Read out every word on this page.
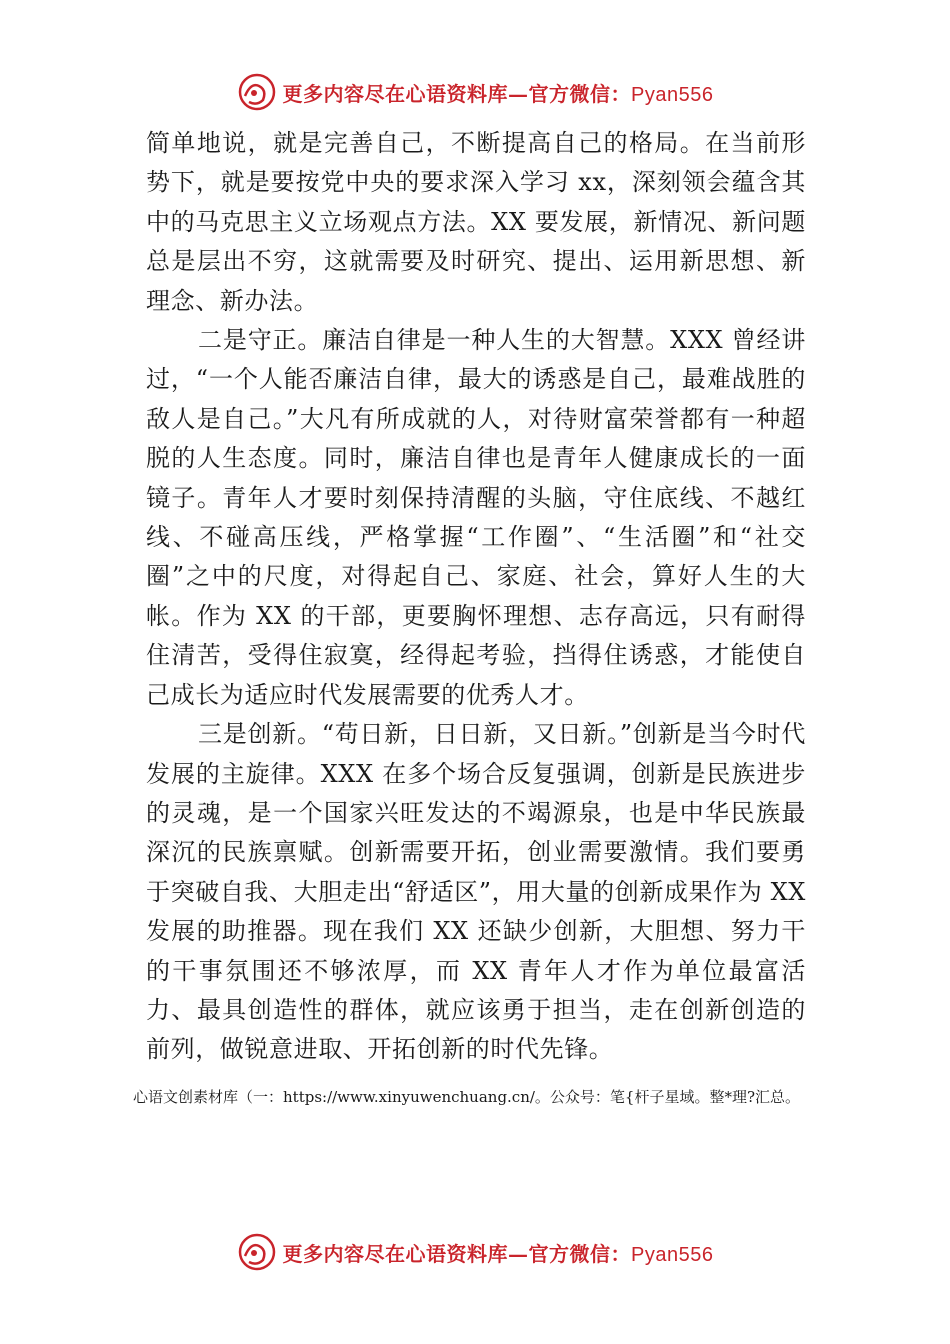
更多内容尽在心语资料库—官方微信：Pyan556

简单地说，就是完善自己，不断提高自己的格局。在当前形势下，就是要按党中央的要求深入学习 xx，深刻领会蕴含其中的马克思主义立场观点方法。XX 要发展，新情况、新问题总是层出不穷，这就需要及时研究、提出、运用新思想、新理念、新办法。

二是守正。廉洁自律是一种人生的大智慧。XXX 曾经讲过，“一个人能否廉洁自律，最大的诱惑是自己，最难战胜的敌人是自己。”大凡有所成就的人，对待财富荣誉都有一种超脱的人生态度。同时，廉洁自律也是青年人健康成长的一面镜子。青年人才要时刻保持清醒的头脑，守住底线、不越红线、不碰高压线，严格掌握“工作圈”、“生活圈”和“社交圈”之中的尺度，对得起自己、家庭、社会，算好人生的大帐。作为 XX 的干部，更要胸怀理想、志存高远，只有耐得住清苦，受得住寂寞，经得起考验，挡得住诱惑，才能使自己成长为适应时代发展需要的优秀人才。

三是创新。“苟日新，日日新，又日新。”创新是当今时代发展的主旋律。XXX 在多个场合反复强调，创新是民族进步的灵魂，是一个国家兴旺发达的不竭源泉，也是中华民族最深沉的民族禀赋。创新需要开拓，创业需要激情。我们要勇于突破自我、大胆走出“舒适区”，用大量的创新成果作为 XX 发展的助推器。现在我们 XX 还缺少创新，大胆想、努力干的干事氛围还不够浓厚，而 XX 青年人才作为单位最富活力、最具创造性的群体，就应该勇于担当，走在创新创造的前列，做锐意进取、开拓创新的时代先锋。

心语文创素材库（一：https://www.xinyuwenchuang.cn/。公众号：笔{杆子星域。整*理?汇总。
更多内容尽在心语资料库—官方微信：Pyan556
